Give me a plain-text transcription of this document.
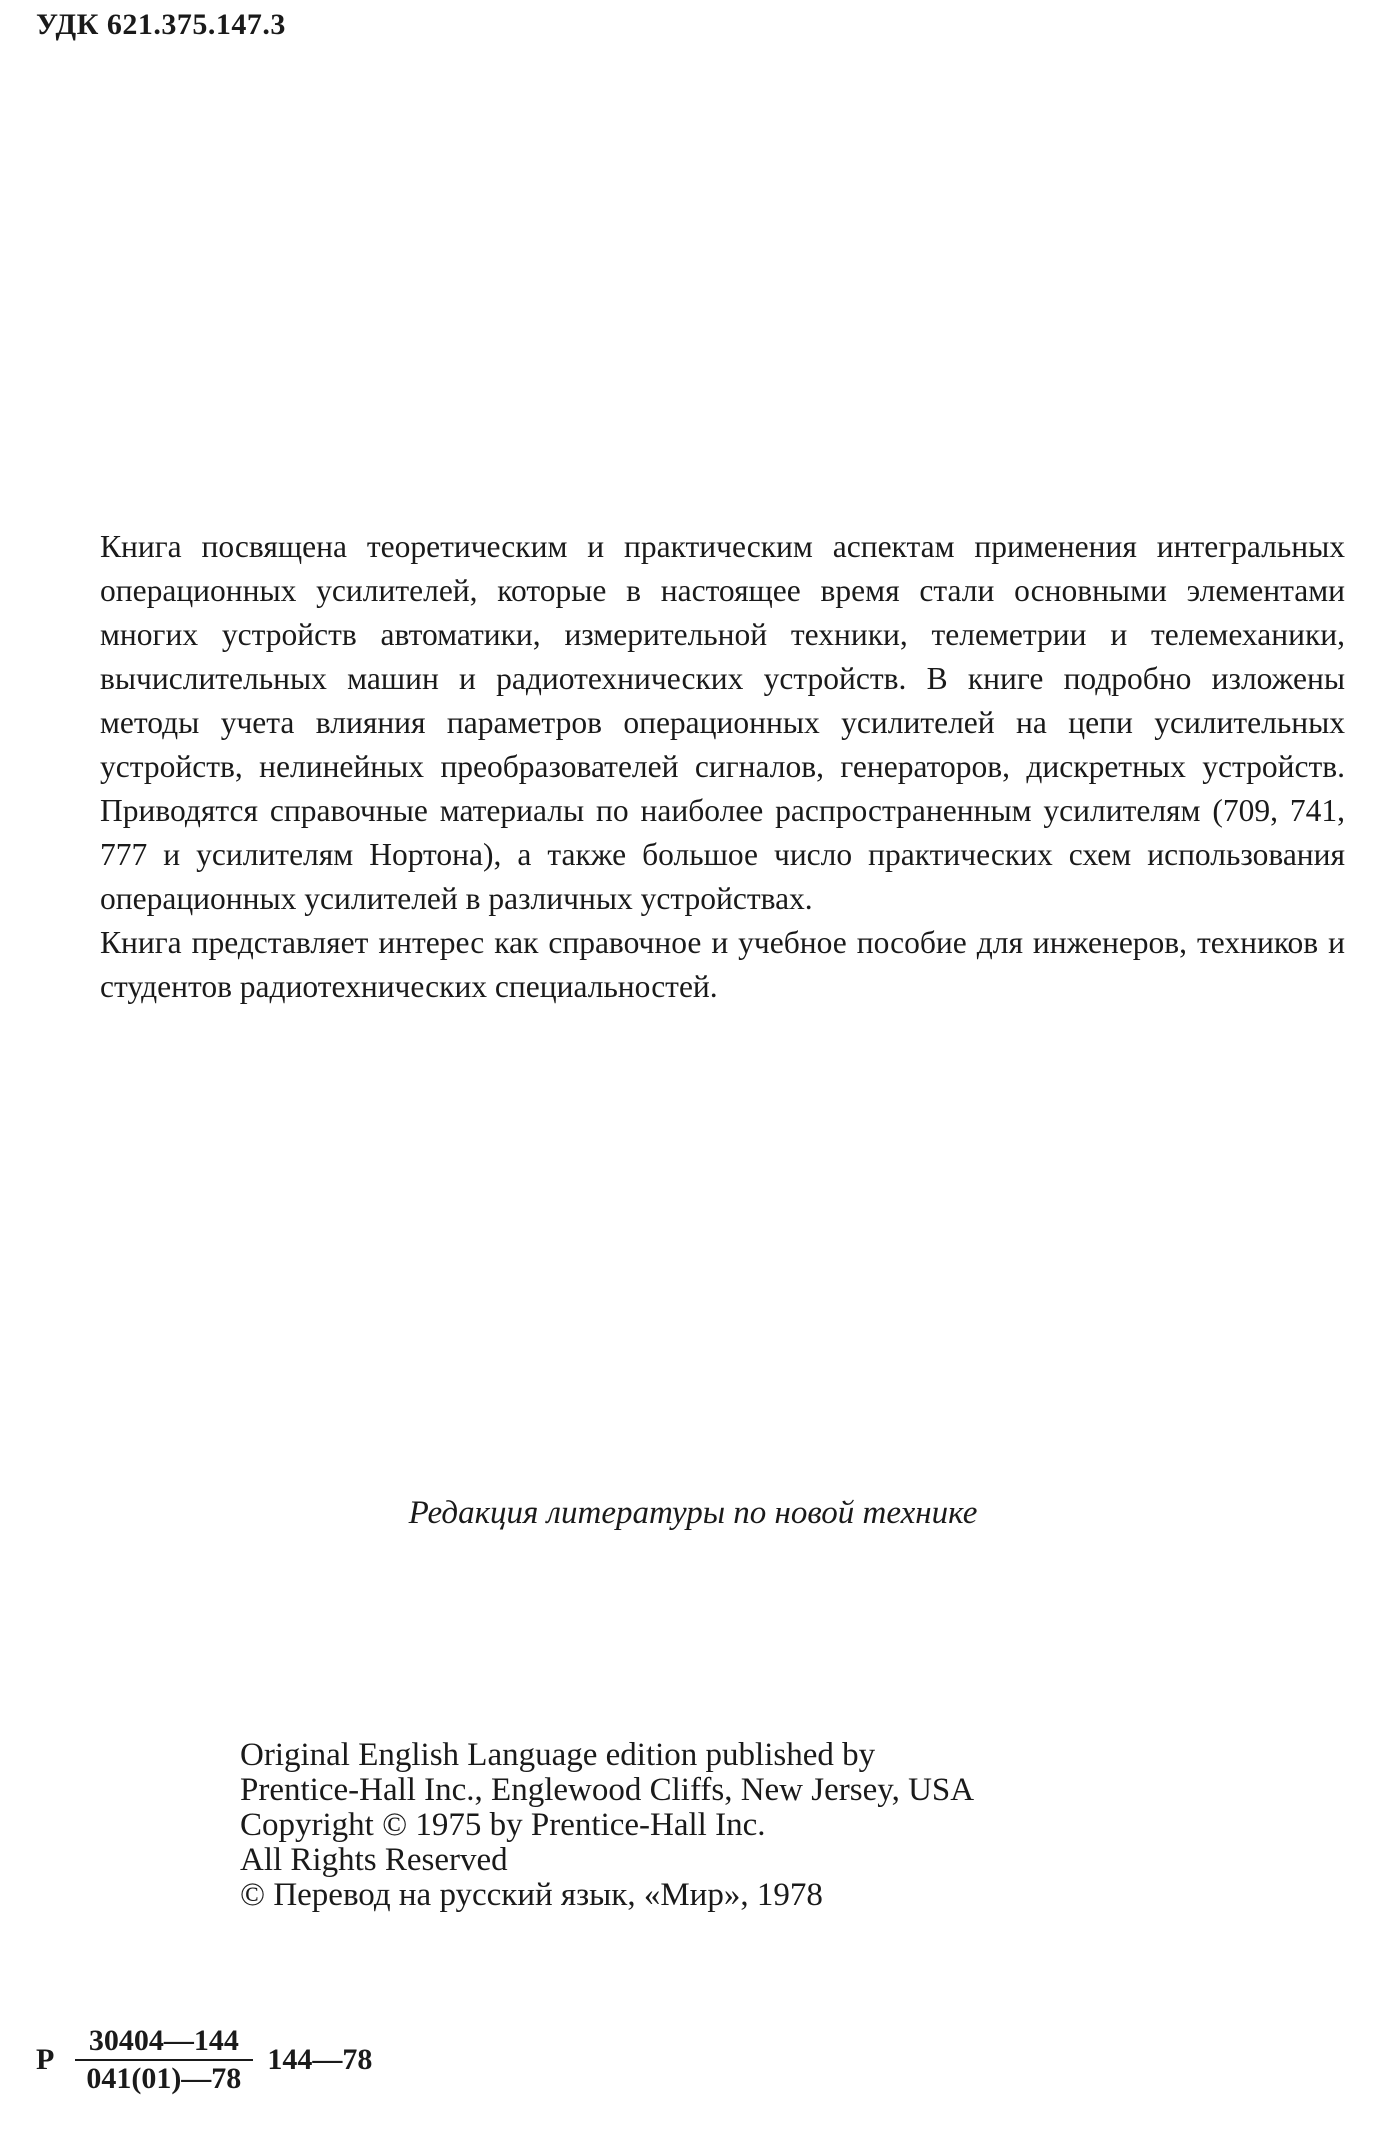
УДК 621.375.147.3

Книга посвящена теоретическим и практическим аспектам применения интегральных операционных усилителей, которые в настоящее время стали основными элементами многих устройств автоматики, измерительной техники, телеметрии и телемеханики, вычислительных машин и радиотехнических устройств. В книге подробно изложены методы учета влияния параметров операционных усилителей на цепи усилительных устройств, нелинейных преобразователей сигналов, генераторов, дискретных устройств. Приводятся справочные материалы по наиболее распространенным усилителям (709, 741, 777 и усилителям Нортона), а также большое число практических схем использования операционных усилителей в различных устройствах.

Книга представляет интерес как справочное и учебное пособие для инженеров, техников и студентов радиотехнических специальностей.

Редакция литературы по новой технике
Original English Language edition published by
Prentice-Hall Inc., Englewood Cliffs, New Jersey, USA
Copyright © 1975 by Prentice-Hall Inc.
All Rights Reserved
© Перевод на русский язык, «Мир», 1978
Р $\frac{30404—144}{041(01)—78}$ 144—78
